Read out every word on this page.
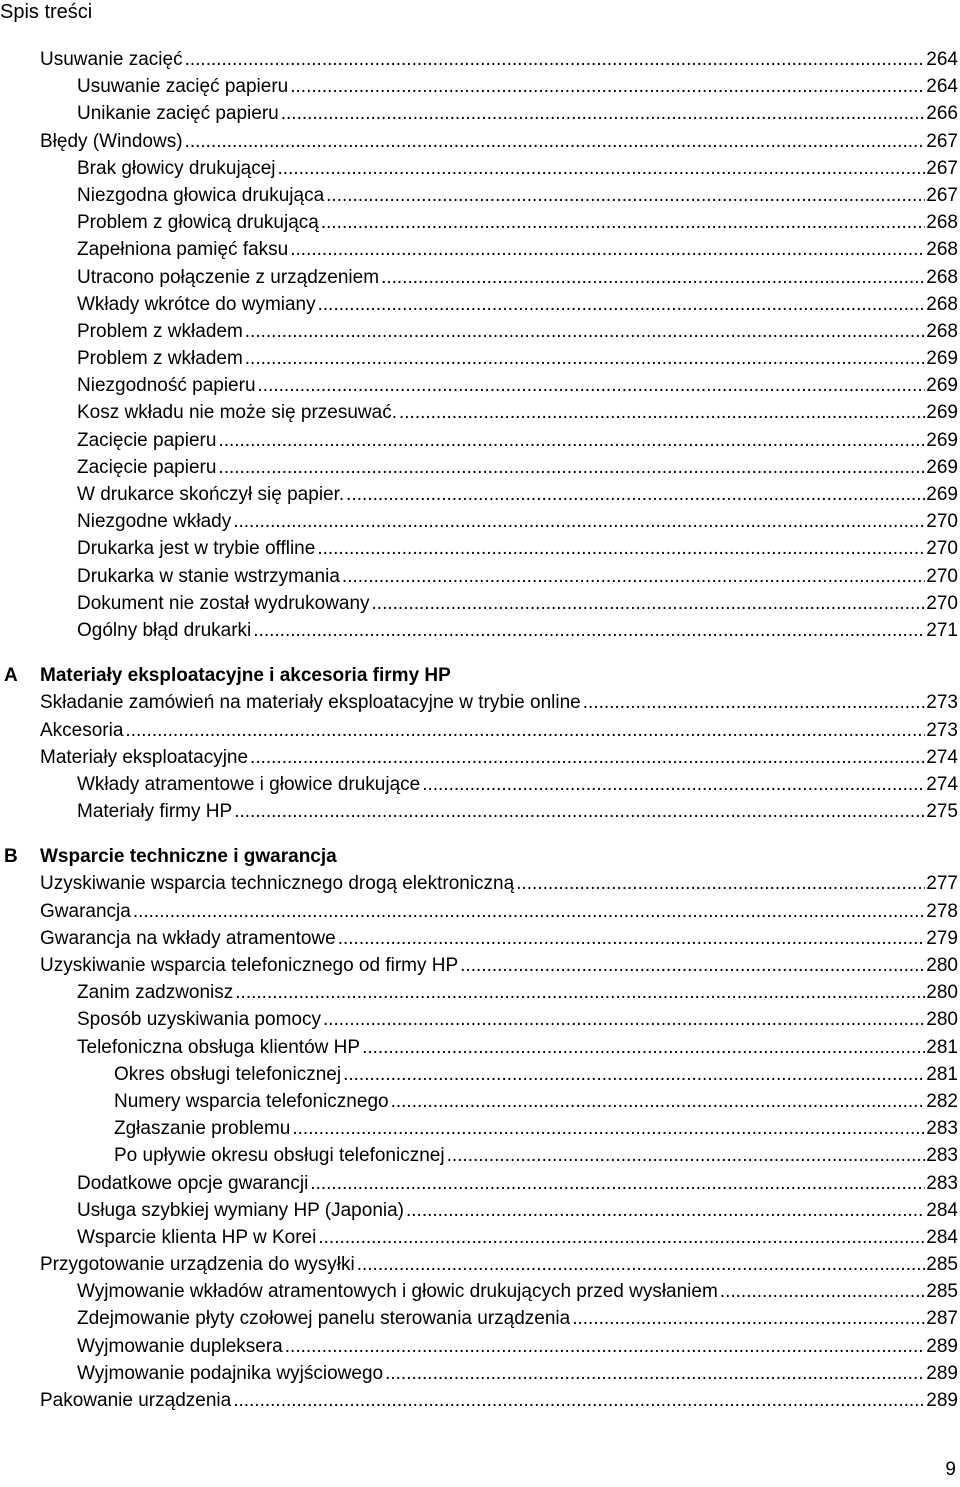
Spis treści
Usuwanie zacięć .....	264
Usuwanie zacięć papieru .....	264
Unikanie zacięć papieru .....	266
Błędy (Windows) .....	267
Brak głowicy drukującej .....	267
Niezgodna głowica drukująca .....	267
Problem z głowicą drukującą .....	268
Zapełniona pamięć faksu .....	268
Utracono połączenie z urządzeniem .....	268
Wkłady wkrótce do wymiany .....	268
Problem z wkładem .....	268
Problem z wkładem .....	269
Niezgodność papieru .....	269
Kosz wkładu nie może się przesuwać. .....	269
Zacięcie papieru .....	269
Zacięcie papieru .....	269
W drukarce skończył się papier. .....	269
Niezgodne wkłady .....	270
Drukarka jest w trybie offline .....	270
Drukarka w stanie wstrzymania .....	270
Dokument nie został wydrukowany .....	270
Ogólny błąd drukarki .....	271
A Materiały eksploatacyjne i akcesoria firmy HP
Składanie zamówień na materiały eksploatacyjne w trybie online .....	273
Akcesoria .....	273
Materiały eksploatacyjne .....	274
Wkłady atramentowe i głowice drukujące .....	274
Materiały firmy HP .....	275
B Wsparcie techniczne i gwarancja
Uzyskiwanie wsparcia technicznego drogą elektroniczną .....	277
Gwarancja .....	278
Gwarancja na wkłady atramentowe .....	279
Uzyskiwanie wsparcia telefonicznego od firmy HP .....	280
Zanim zadzwonisz .....	280
Sposób uzyskiwania pomocy .....	280
Telefoniczna obsługa klientów HP .....	281
Okres obsługi telefonicznej .....	281
Numery wsparcia telefonicznego .....	282
Zgłaszanie problemu .....	283
Po upływie okresu obsługi telefonicznej .....	283
Dodatkowe opcje gwarancji .....	283
Usługa szybkiej wymiany HP (Japonia) .....	284
Wsparcie klienta HP w Korei .....	284
Przygotowanie urządzenia do wysyłki .....	285
Wyjmowanie wkładów atramentowych i głowic drukujących przed wysłaniem .....	285
Zdejmowanie płyty czołowej panelu sterowania urządzenia .....	287
Wyjmowanie dupleksera .....	289
Wyjmowanie podajnika wyjściowego .....	289
Pakowanie urządzenia .....	289
9
